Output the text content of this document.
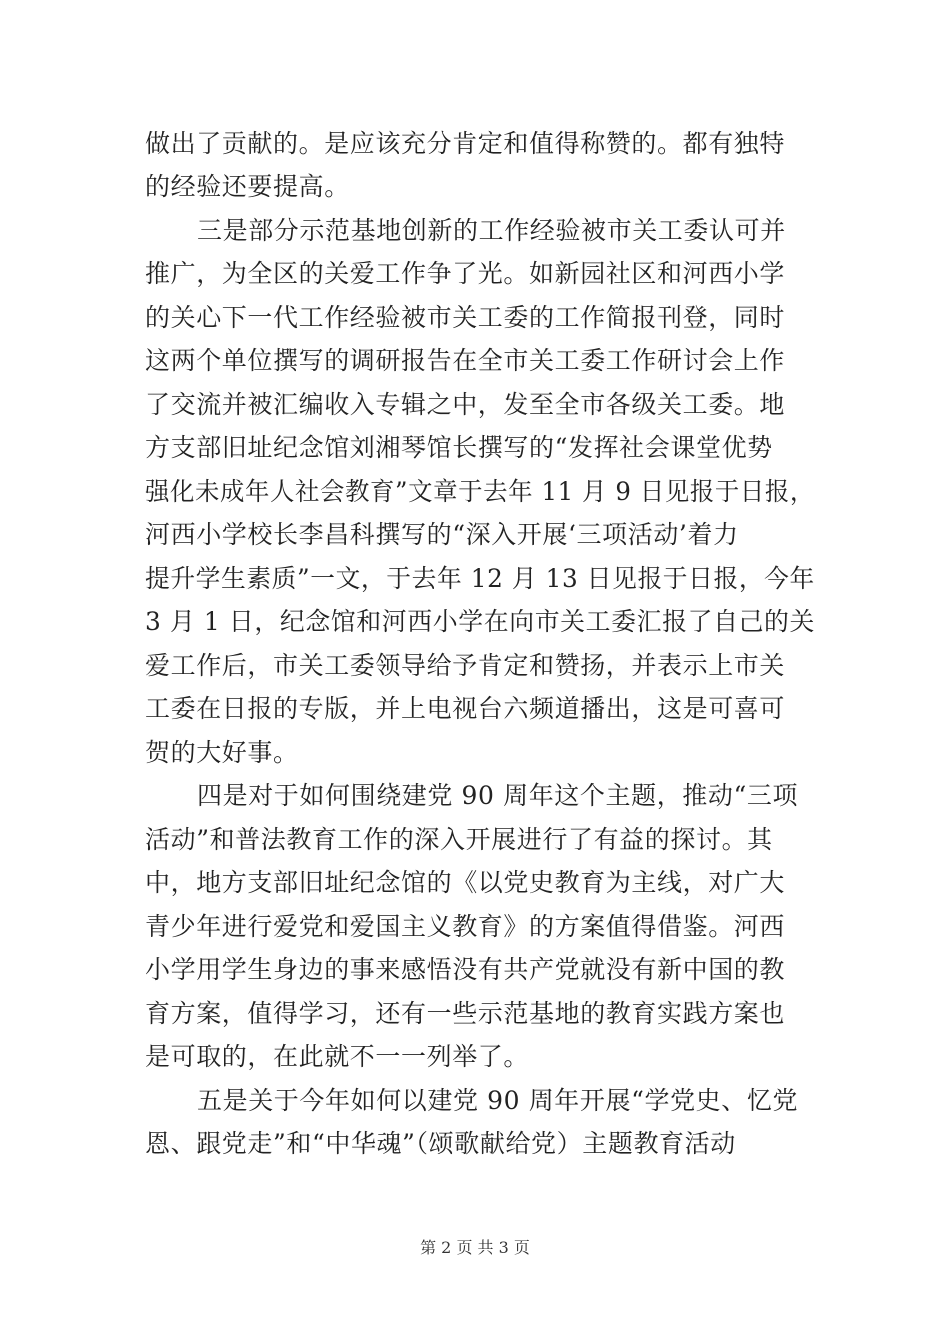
做出了贡献的。是应该充分肯定和值得称赞的。都有独特
的经验还要提高。
三是部分示范基地创新的工作经验被市关工委认可并
推广，为全区的关爱工作争了光。如新园社区和河西小学
的关心下一代工作经验被市关工委的工作简报刊登，同时
这两个单位撰写的调研报告在全市关工委工作研讨会上作
了交流并被汇编收入专辑之中，发至全市各级关工委。地
方支部旧址纪念馆刘湘琴馆长撰写的“发挥社会课堂优势
强化未成年人社会教育”文章于去年 11 月 9 日见报于日报，
河西小学校长李昌科撰写的“深入开展‘三项活动’着力
提升学生素质”一文，于去年 12 月 13 日见报于日报，今年
3 月 1 日，纪念馆和河西小学在向市关工委汇报了自己的关
爱工作后，市关工委领导给予肯定和赞扬，并表示上市关
工委在日报的专版，并上电视台六频道播出，这是可喜可
贺的大好事。
四是对于如何围绕建党 90 周年这个主题，推动“三项
活动”和普法教育工作的深入开展进行了有益的探讨。其
中，地方支部旧址纪念馆的《以党史教育为主线，对广大
青少年进行爱党和爱国主义教育》的方案值得借鉴。河西
小学用学生身边的事来感悟没有共产党就没有新中国的教
育方案，值得学习，还有一些示范基地的教育实践方案也
是可取的，在此就不一一列举了。
五是关于今年如何以建党 90 周年开展“学党史、忆党
恩、跟党走”和“中华魂”（颂歌献给党）主题教育活动
第 2 页 共 3 页
